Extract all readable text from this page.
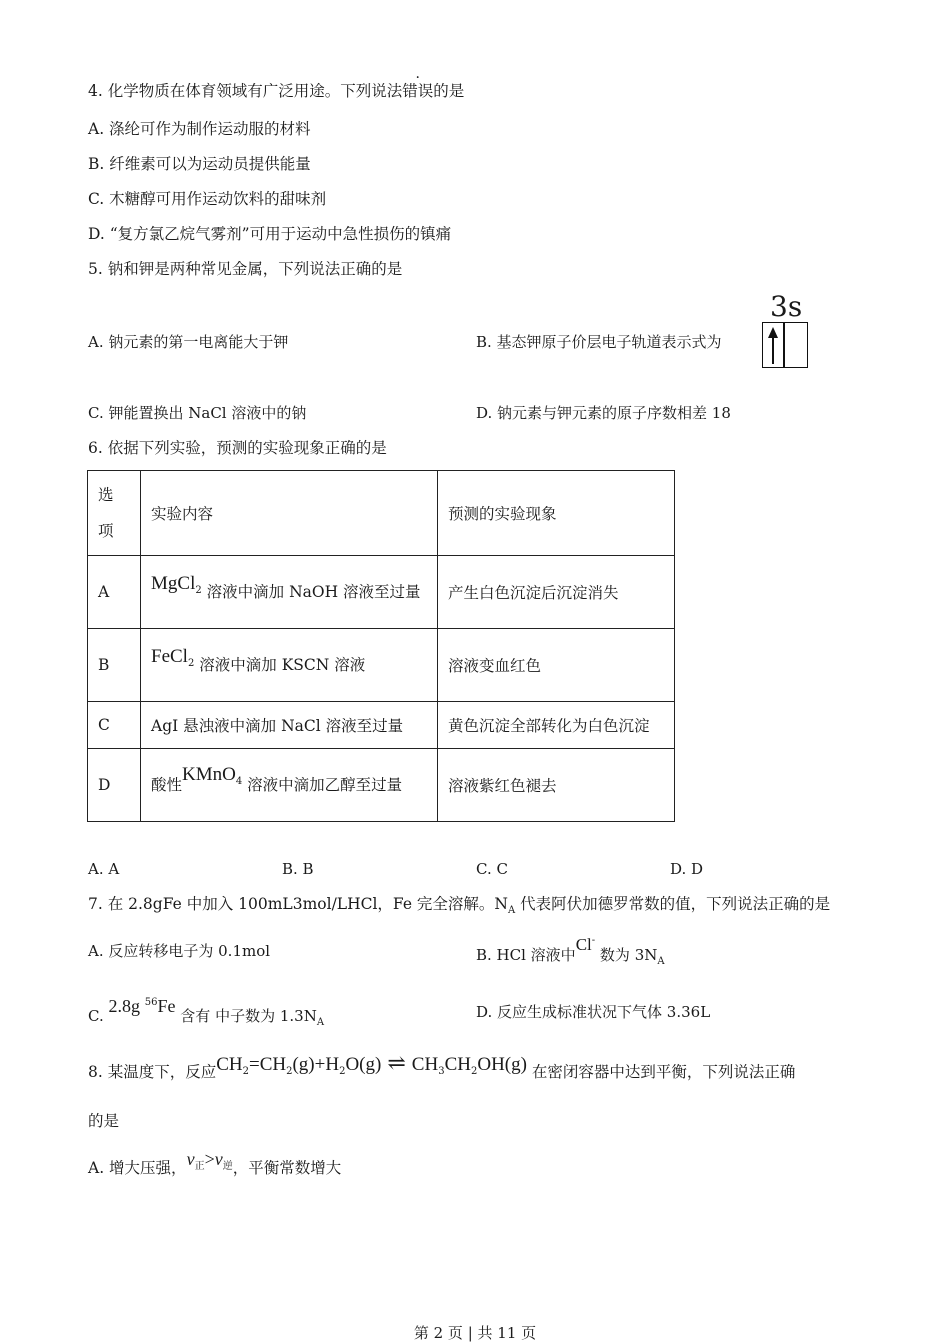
4. 化学物质在体育领域有广泛用途。下列说法错误的是
A. 涤纶可作为制作运动服的材料
B. 纤维素可以为运动员提供能量
C. 木糖醇可用作运动饮料的甜味剂
D. “复方氯乙烷气雾剂”可用于运动中急性损伤的镇痛
5. 钠和钾是两种常见金属，下列说法正确的是
A. 钠元素的第一电离能大于钾	B. 基态钾原子价层电子轨道表示式为
3s
C. 钾能置换出 NaCl 溶液中的钠	D. 钠元素与钾元素的原子序数相差 18
6. 依据下列实验，预测的实验现象正确的是
选
项	实验内容	预测的实验现象
A	MgCl$^2$ 溶液中滴加 NaOH 溶液至过量	产生白色沉淀后沉淀消失
B	FeCl$^2$ 溶液中滴加 KSCN 溶液	溶液变血红色
C	AgI 悬浊液中滴加 NaCl 溶液至过量	黄色沉淀全部转化为白色沉淀
D	酸性KMnO$^4$ 溶液中滴加乙醇至过量	溶液紫红色褪去
A. A	B. B	C. C	D. D
7. 在 2.8gFe 中加入 100mL3mol/LHCl，Fe 完全溶解。$N_A$ 代表阿伏加德罗常数的值，下列说法正确的是
A. 反应转移电子为 0.1mol	B. HCl 溶液中Cl- 数为 $3N_A$
C. 2.8g $^{56}$Fe 含有 中子数为 $1.3N_A$
D. 反应生成标准状况下气体 3.36L
8. 某温度下，反应$CH_2=CH_2(g)+H_2O(g)$ ⇌ $CH_3CH_2OH(g)$ 在密闭容器中达到平衡，下列说法正确
的是
A. 增大压强，$v_正>v_逆$，平衡常数增大
第 2 页 | 共 11 页
